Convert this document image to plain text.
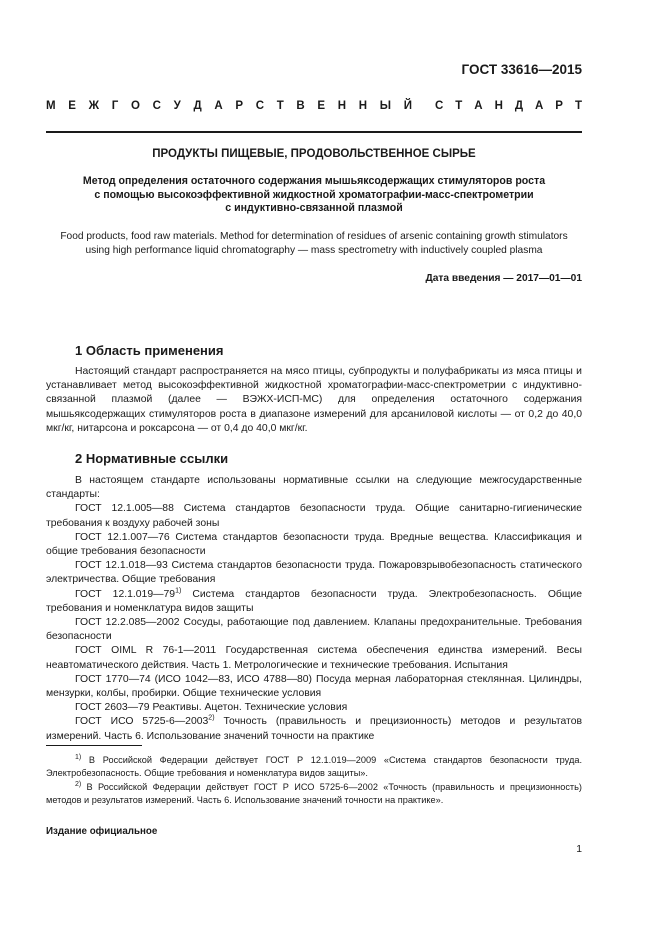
ГОСТ 33616—2015
М Е Ж Г О С У Д А Р С Т В Е Н Н Ы Й С Т А Н Д А Р Т
ПРОДУКТЫ ПИЩЕВЫЕ, ПРОДОВОЛЬСТВЕННОЕ СЫРЬЕ
Метод определения остаточного содержания мышьяксодержащих стимуляторов роста
с помощью высокоэффективной жидкостной хроматографии-масс-спектрометрии
с индуктивно-связанной плазмой
Food products, food raw materials. Method for determination of residues of arsenic containing growth stimulators
using high performance liquid chromatography — mass spectrometry with inductively coupled plasma
Дата введения — 2017—01—01
1 Область применения
Настоящий стандарт распространяется на мясо птицы, субпродукты и полуфабрикаты из мяса птицы и устанавливает метод высокоэффективной жидкостной хроматографии-масс-спектрометрии с индуктивно-связанной плазмой (далее — ВЭЖХ-ИСП-МС) для определения остаточного содержания мышьяксодержащих стимуляторов роста в диапазоне измерений для арсаниловой кислоты — от 0,2 до 40,0 мкг/кг, нитарсона и роксарсона — от 0,4 до 40,0 мкг/кг.
2 Нормативные ссылки

В настоящем стандарте использованы нормативные ссылки на следующие межгосударственные стандарты:

ГОСТ 12.1.005—88 Система стандартов безопасности труда. Общие санитарно-гигиенические требования к воздуху рабочей зоны

ГОСТ 12.1.007—76 Система стандартов безопасности труда. Вредные вещества. Классификация и общие требования безопасности

ГОСТ 12.1.018—93 Система стандартов безопасности труда. Пожаровзрывобезопасность статического электричества. Общие требования

ГОСТ 12.1.019—79$^{1)}$ Система стандартов безопасности труда. Электробезопасность. Общие требования и номенклатура видов защиты

ГОСТ 12.2.085—2002 Сосуды, работающие под давлением. Клапаны предохранительные. Требования безопасности

ГОСТ OIML R 76-1—2011 Государственная система обеспечения единства измерений. Весы неавтоматического действия. Часть 1. Метрологические и технические требования. Испытания

ГОСТ 1770—74 (ИСО 1042—83, ИСО 4788—80) Посуда мерная лабораторная стеклянная. Цилиндры, мензурки, колбы, пробирки. Общие технические условия

ГОСТ 2603—79 Реактивы. Ацетон. Технические условия

ГОСТ ИСО 5725-6—2003$^{2)}$ Точность (правильность и прецизионность) методов и результатов измерений. Часть 6. Использование значений точности на практике

$^{1)}$ В Российской Федерации действует ГОСТ Р 12.1.019—2009 «Система стандартов безопасности труда. Электробезопасность. Общие требования и номенклатура видов защиты».
$^{2)}$ В Российской Федерации действует ГОСТ Р ИСО 5725-6—2002 «Точность (правильность и прецизионность) методов и результатов измерений. Часть 6. Использование значений точности на практике».
Издание официальное
1
